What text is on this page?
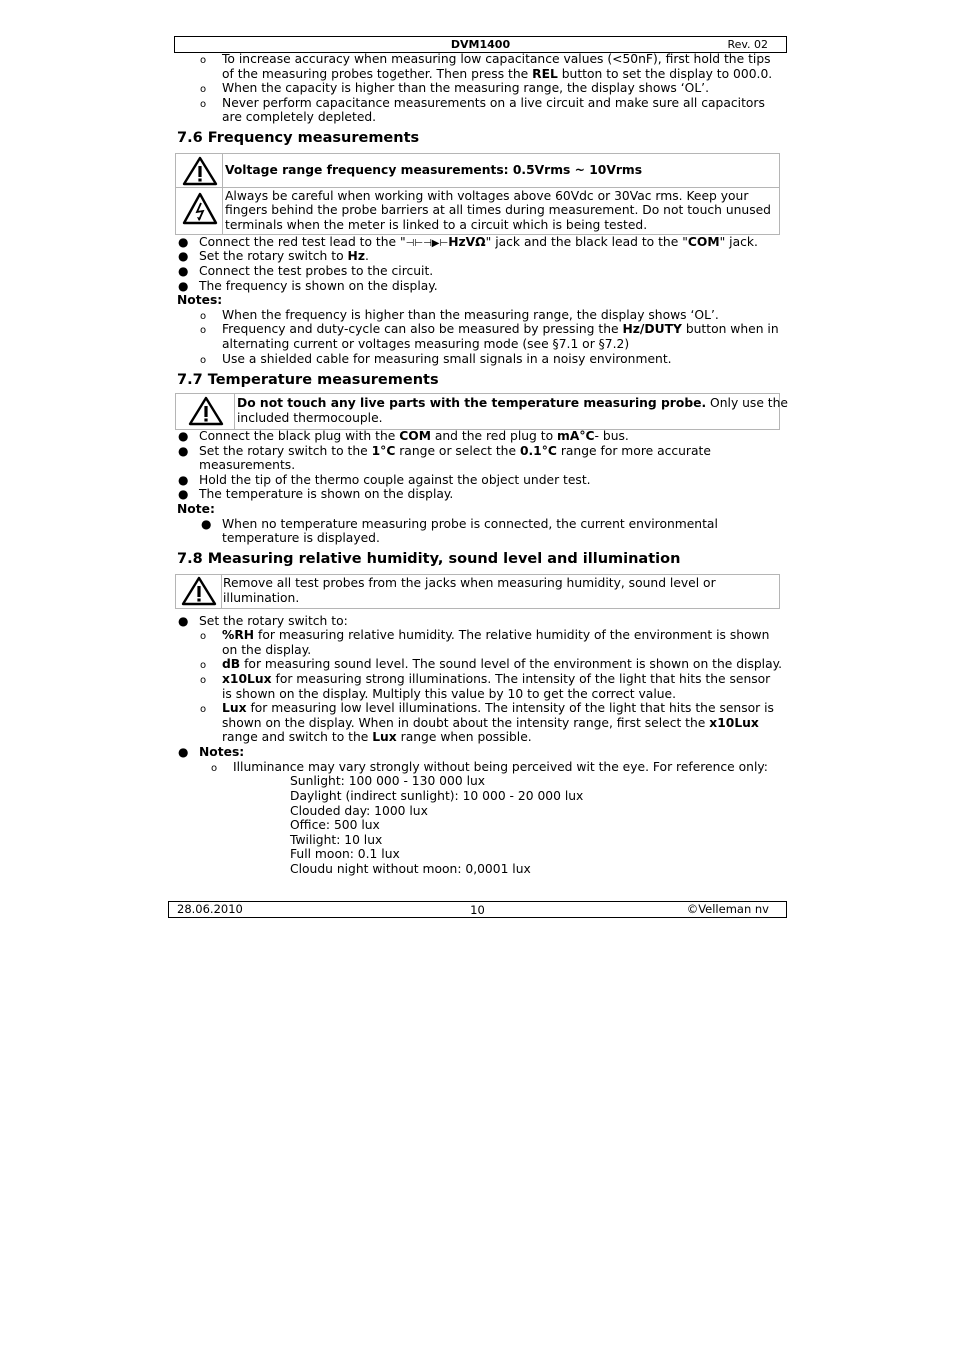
DVM1400	Rev. 02
o To increase accuracy when measuring low capacitance values (<50nF), first hold the tips
of the measuring probes together. Then press the REL button to set the display to 000.0.
o When the capacity is higher than the measuring range, the display shows ‘OL’.
o Never perform capacitance measurements on a live circuit and make sure all capacitors
are completely depleted.
7.6 Frequency measurements
Voltage range frequency measurements: 0.5Vrms ~ 10Vrms
Always be careful when working with voltages above 60Vdc or 30Vac rms. Keep your
fingers behind the probe barriers at all times during measurement. Do not touch unused
terminals when the meter is linked to a circuit which is being tested.
● Connect the red test lead to the "⊣⊢⊣▶⊢HzVΩ" jack and the black lead to the "COM" jack.
● Set the rotary switch to Hz.
● Connect the test probes to the circuit.
● The frequency is shown on the display.
Notes:
o When the frequency is higher than the measuring range, the display shows ‘OL’.
o Frequency and duty-cycle can also be measured by pressing the Hz/DUTY button when in
alternating current or voltages measuring mode (see §7.1 or §7.2)
o Use a shielded cable for measuring small signals in a noisy environment.
7.7 Temperature measurements
Do not touch any live parts with the temperature measuring probe. Only use the
included thermocouple.
● Connect the black plug with the COM and the red plug to mA°C- bus.
● Set the rotary switch to the 1°C range or select the 0.1°C range for more accurate
measurements.
● Hold the tip of the thermo couple against the object under test.
● The temperature is shown on the display.
Note:
● When no temperature measuring probe is connected, the current environmental
temperature is displayed.
7.8 Measuring relative humidity, sound level and illumination
Remove all test probes from the jacks when measuring humidity, sound level or
illumination.
● Set the rotary switch to:
o %RH for measuring relative humidity. The relative humidity of the environment is shown
on the display.
o dB for measuring sound level. The sound level of the environment is shown on the display.
o x10Lux for measuring strong illuminations. The intensity of the light that hits the sensor
is shown on the display. Multiply this value by 10 to get the correct value.
o Lux for measuring low level illuminations. The intensity of the light that hits the sensor is
shown on the display. When in doubt about the intensity range, first select the x10Lux
range and switch to the Lux range when possible.
● Notes:
o Illuminance may vary strongly without being perceived wit the eye. For reference only:
Sunlight: 100 000 - 130 000 lux
Daylight (indirect sunlight): 10 000 - 20 000 lux
Clouded day: 1000 lux
Office: 500 lux
Twilight: 10 lux
Full moon: 0.1 lux
Cloudu night without moon: 0,0001 lux
28.06.2010	10	©Velleman nv
